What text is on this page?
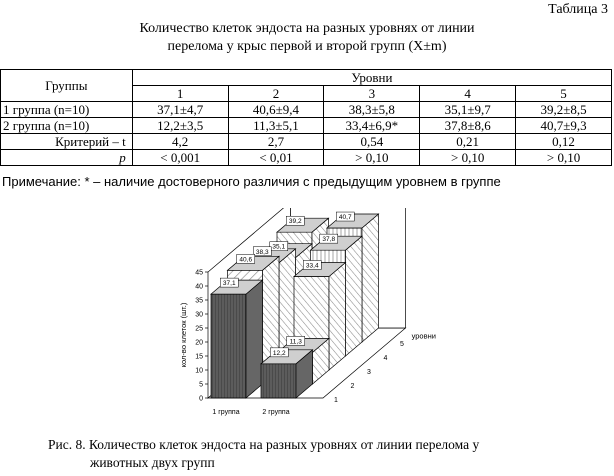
Таблица 3
Количество клеток эндоста на разных уровнях от линии
перелома у крыс первой и второй групп (X±m)
Группы	Уровни				
	1	2	3	4	5
1 группа (n=10)	37,1±4,7	40,6±9,4	38,3±5,8	35,1±9,7	39,2±8,5
2 группа (n=10)	12,2±3,5	11,3±5,1	33,4±6,9*	37,8±8,6	40,7±9,3
Критерий – t	4,2	2,7	0,54	0,21	0,12
p	< 0,001	< 0,01	> 0,10	> 0,10	> 0,10
Примечание: * – наличие достоверного различия с предыдущим уровнем в группе
0
5
10
15
20
25
30
35
40
45
кол-во клеток (шт.)
39,2
35,1
38,3
40,6
37,1
40,7
37,8
33,4
11,3
12,2
1 группа	2 группа
1
2
3
4
5
уровни
Рис. 8. Количество клеток эндоста на разных уровнях от линии перелома у
животных двух групп
